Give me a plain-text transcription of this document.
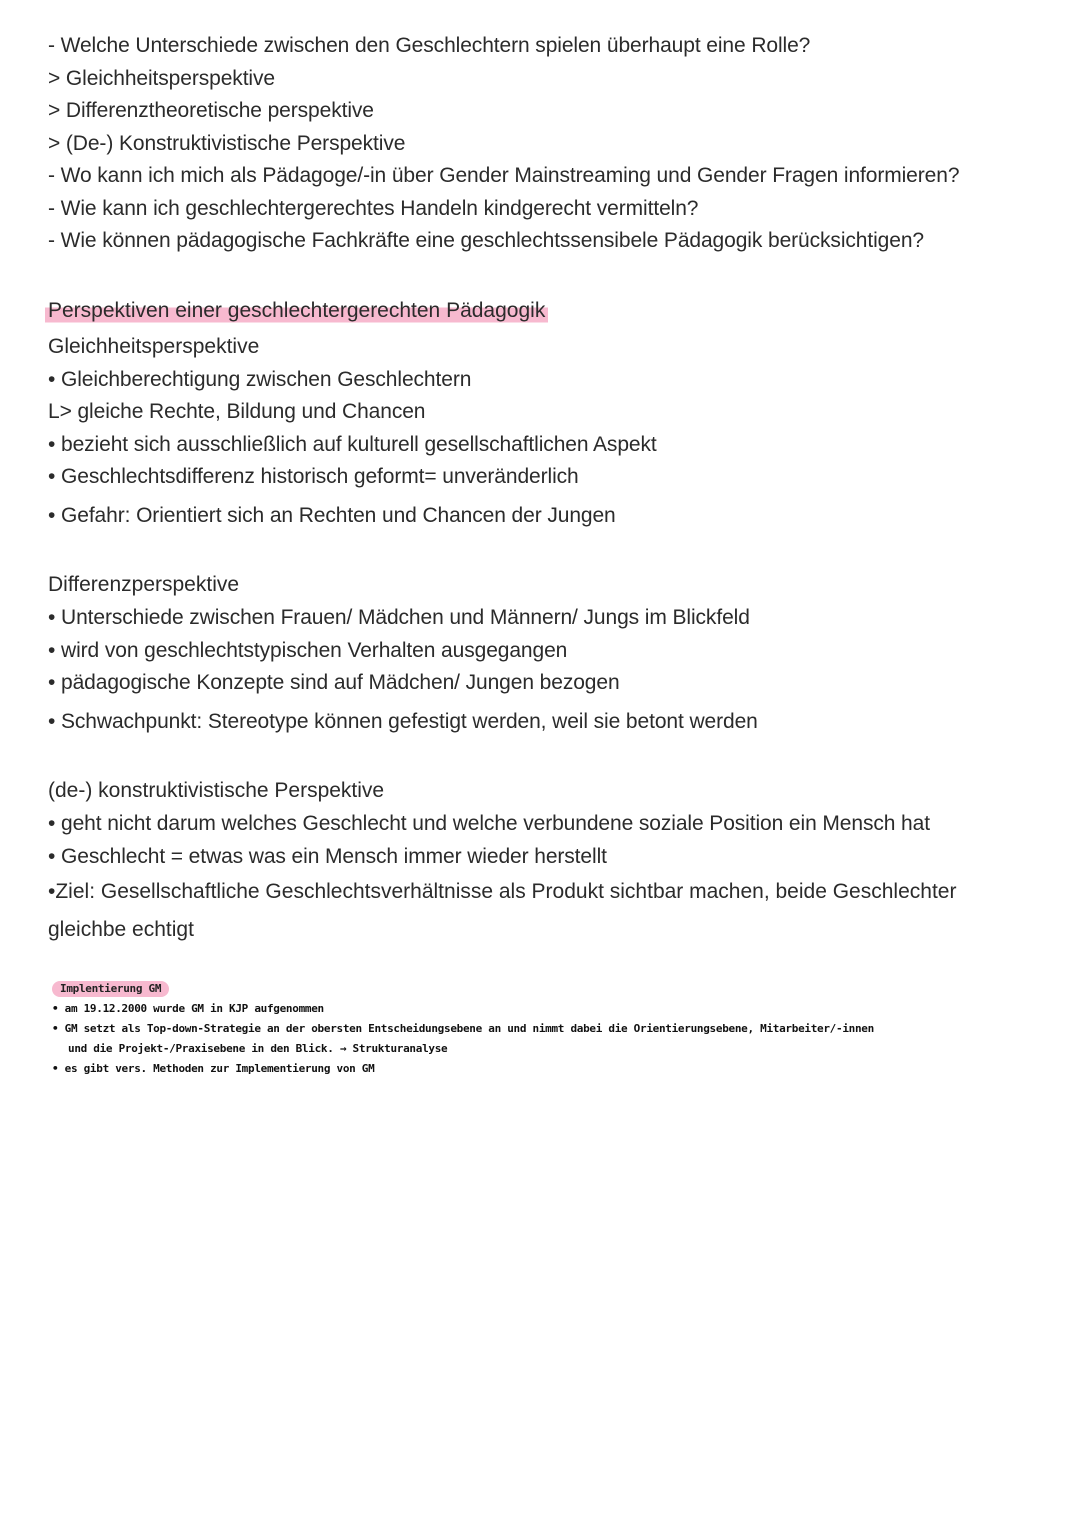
- Welche Unterschiede zwischen den Geschlechtern spielen überhaupt eine Rolle?
> Gleichheitsperspektive
> Differenztheoretische perspektive
> (De-) Konstruktivistische Perspektive
- Wo kann ich mich als Pädagoge/-in über Gender Mainstreaming und Gender Fragen informieren?
- Wie kann ich geschlechtergerechtes Handeln kindgerecht vermitteln?
- Wie können pädagogische Fachkräfte eine geschlechtssensibele Pädagogik berücksichtigen?
Perspektiven einer geschlechtergerechten Pädagogik
Gleichheitsperspektive
• Gleichberechtigung zwischen Geschlechtern
L> gleiche Rechte, Bildung und Chancen
• bezieht sich ausschließlich auf kulturell gesellschaftlichen Aspekt
• Geschlechtsdifferenz historisch geformt= unveränderlich
• Gefahr: Orientiert sich an Rechten und Chancen der Jungen
Differenzperspektive
• Unterschiede zwischen Frauen/ Mädchen und Männern/ Jungs im Blickfeld
• wird von geschlechtstypischen Verhalten ausgegangen
• pädagogische Konzepte sind auf Mädchen/ Jungen bezogen
• Schwachpunkt: Stereotype können gefestigt werden, weil sie betont werden
(de-) konstruktivistische Perspektive
• geht nicht darum welches Geschlecht und welche verbundene soziale Position ein Mensch hat
• Geschlecht = etwas was ein Mensch immer wieder herstellt
•Ziel: Gesellschaftliche Geschlechtsverhältnisse als Produkt sichtbar machen, beide Geschlechter gleichbe echtigt
Implentierung GM
• am 19.12.2000 wurde GM in KJP aufgenommen
• GM setzt als Top-down-Strategie an der obersten Entscheidungsebene an und nimmt dabei die Orientierungsebene, Mitarbeiter/-innen
und die Projekt-/Praxisebene in den Blick. → Strukturanalyse
• es gibt vers. Methoden zur Implementierung von GM
